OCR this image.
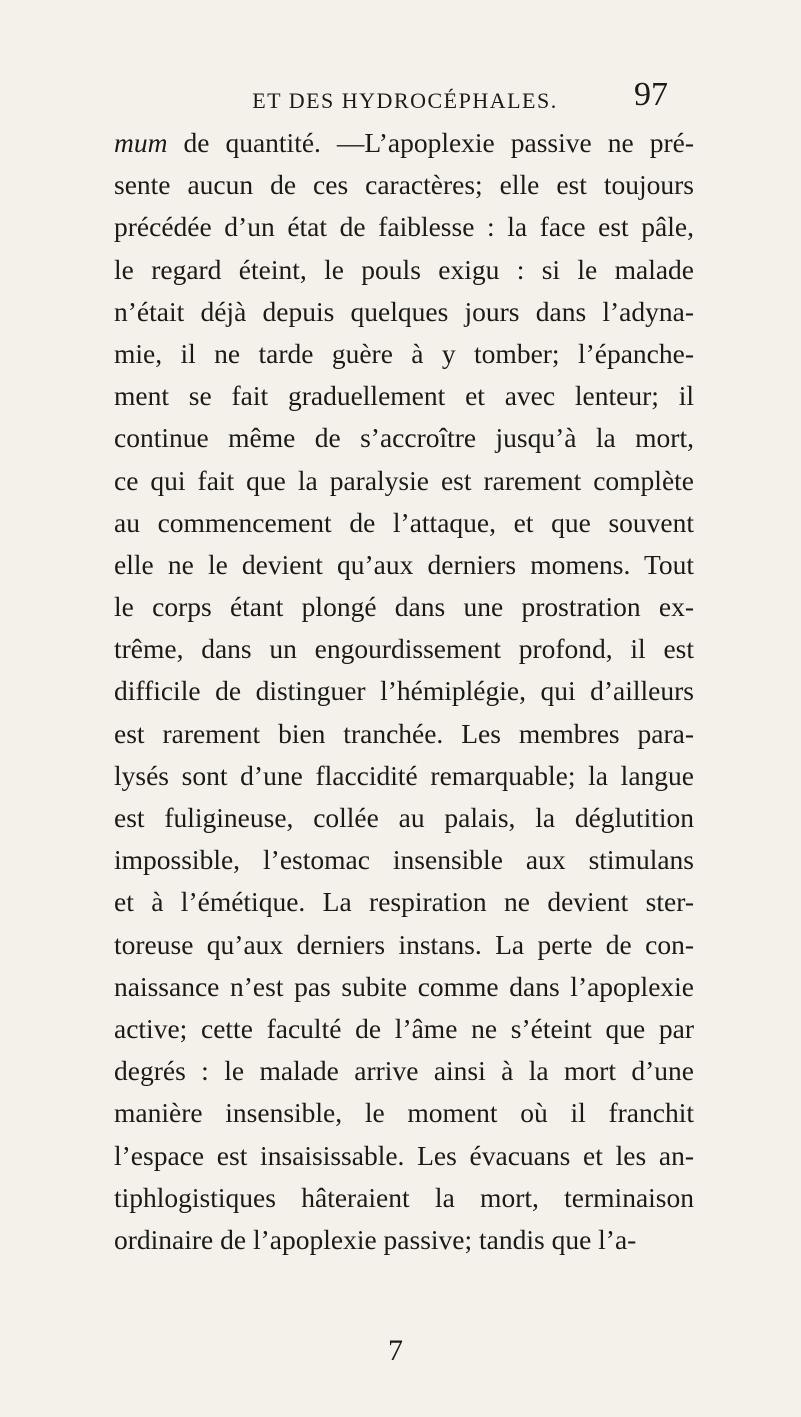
ET DES HYDROCÉPHALES.	97
mum de quantité. —L’apoplexie passive ne pré-
sente aucun de ces caractères; elle est toujours
précédée d’un état de faiblesse : la face est pâle,
le regard éteint, le pouls exigu : si le malade
n’était déjà depuis quelques jours dans l’adyna-
mie, il ne tarde guère à y tomber; l’épanche-
ment se fait graduellement et avec lenteur; il
continue même de s’accroître jusqu’à la mort,
ce qui fait que la paralysie est rarement complète
au commencement de l’attaque, et que souvent
elle ne le devient qu’aux derniers momens. Tout
le corps étant plongé dans une prostration ex-
trême, dans un engourdissement profond, il est
difficile de distinguer l’hémiplégie, qui d’ailleurs
est rarement bien tranchée. Les membres para-
lysés sont d’une flaccidité remarquable; la langue
est fuligineuse, collée au palais, la déglutition
impossible, l’estomac insensible aux stimulans
et à l’émétique. La respiration ne devient ster-
toreuse qu’aux derniers instans. La perte de con-
naissance n’est pas subite comme dans l’apoplexie
active; cette faculté de l’âme ne s’éteint que par
degrés : le malade arrive ainsi à la mort d’une
manière insensible, le moment où il franchit
l’espace est insaisissable. Les évacuans et les an-
tiphlogistiques hâteraient la mort, terminaison
ordinaire de l’apoplexie passive; tandis que l’a-
7
